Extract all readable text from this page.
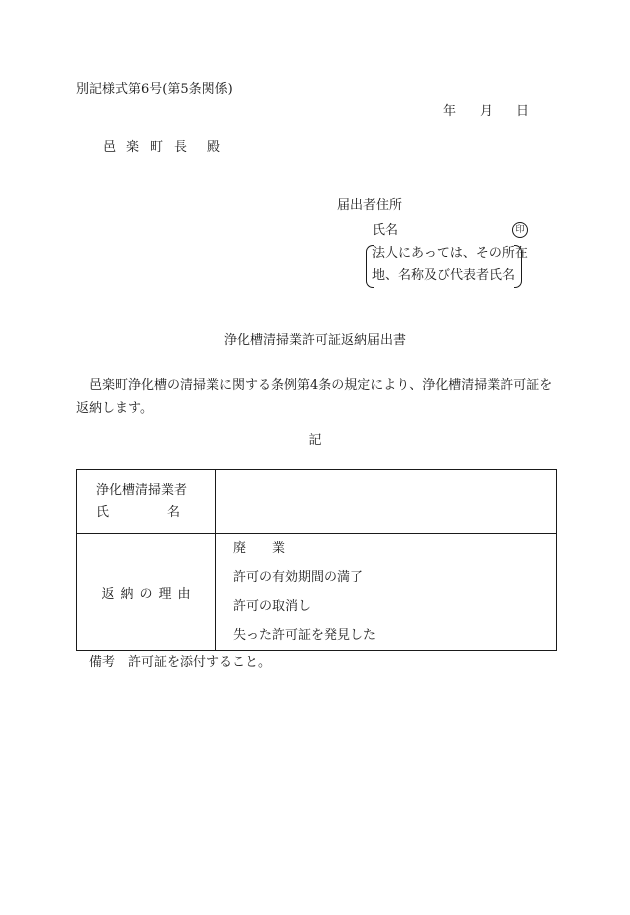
別記様式第6号(第5条関係)
年 月 日
邑 楽 町 長 殿
届出者住所
氏名	印
法人にあっては、その所在
地、名称及び代表者氏名
浄化槽清掃業許可証返納届出書
邑楽町浄化槽の清掃業に関する条例第4条の規定により、浄化槽清掃業許可証を返納します。
記
浄化槽清掃業者
氏 名	

返 納 の 理 由	廃　　業
許可の有効期間の満了
許可の取消し
失った許可証を発見した
備考　許可証を添付すること。
